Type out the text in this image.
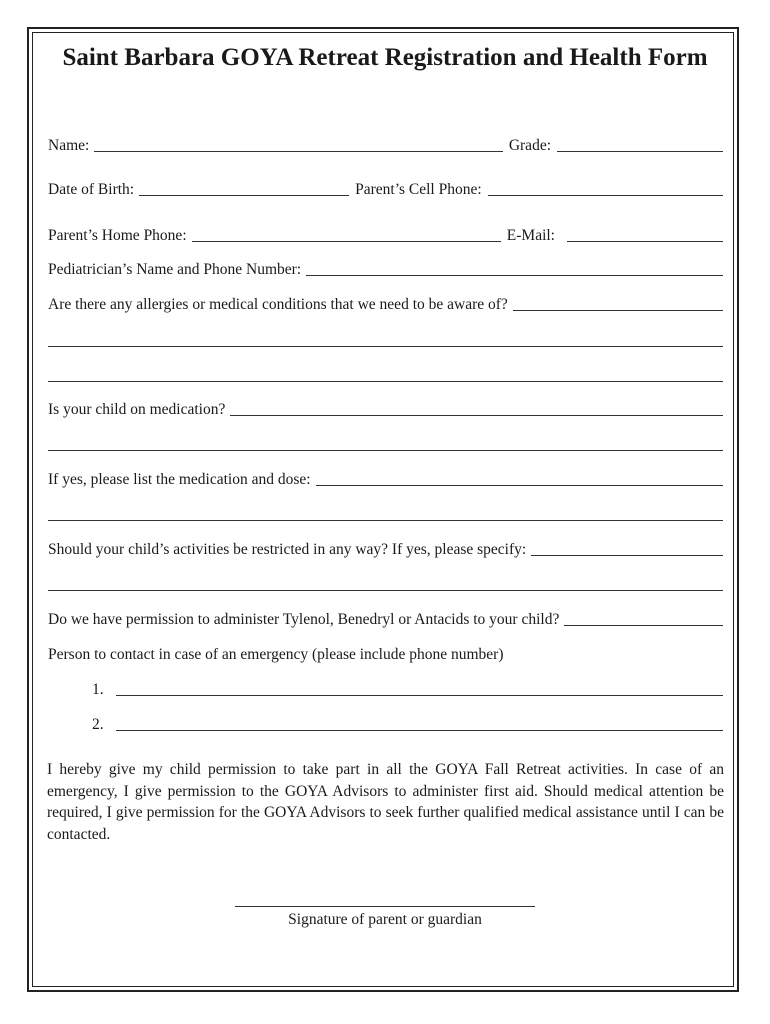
Saint Barbara GOYA Retreat Registration and Health Form
Name:	Grade:
Date of Birth:	Parent’s Cell Phone:
Parent’s Home Phone:	E-Mail:
Pediatrician’s Name and Phone Number:
Are there any allergies or medical conditions that we need to be aware of?
Is your child on medication?
If yes, please list the medication and dose:
Should your child’s activities be restricted in any way? If yes, please specify:
Do we have permission to administer Tylenol, Benedryl or Antacids to your child?
Person to contact in case of an emergency (please include phone number)
1.
2.

I hereby give my child permission to take part in all the GOYA Fall Retreat activities. In case of an emergency, I give permission to the GOYA Advisors to administer first aid. Should medical attention be required, I give permission for the GOYA Advisors to seek further qualified medical assistance until I can be contacted.

Signature of parent or guardian
